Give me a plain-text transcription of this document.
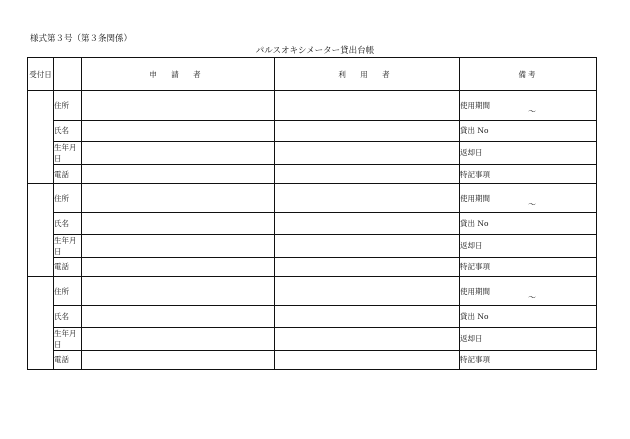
様式第３号（第３条関係）
パルスオキシメーター貸出台帳
受付日		申 請 者	利 用 者	備考
	住所			使用期間
～

	氏名			貸出 No
	生年月日			返却日
	電話			特記事項
	住所			使用期間
～

	氏名			貸出 No
	生年月日			返却日
	電話			特記事項
	住所			使用期間
～

	氏名			貸出 No
	生年月日			返却日
	電話			特記事項
